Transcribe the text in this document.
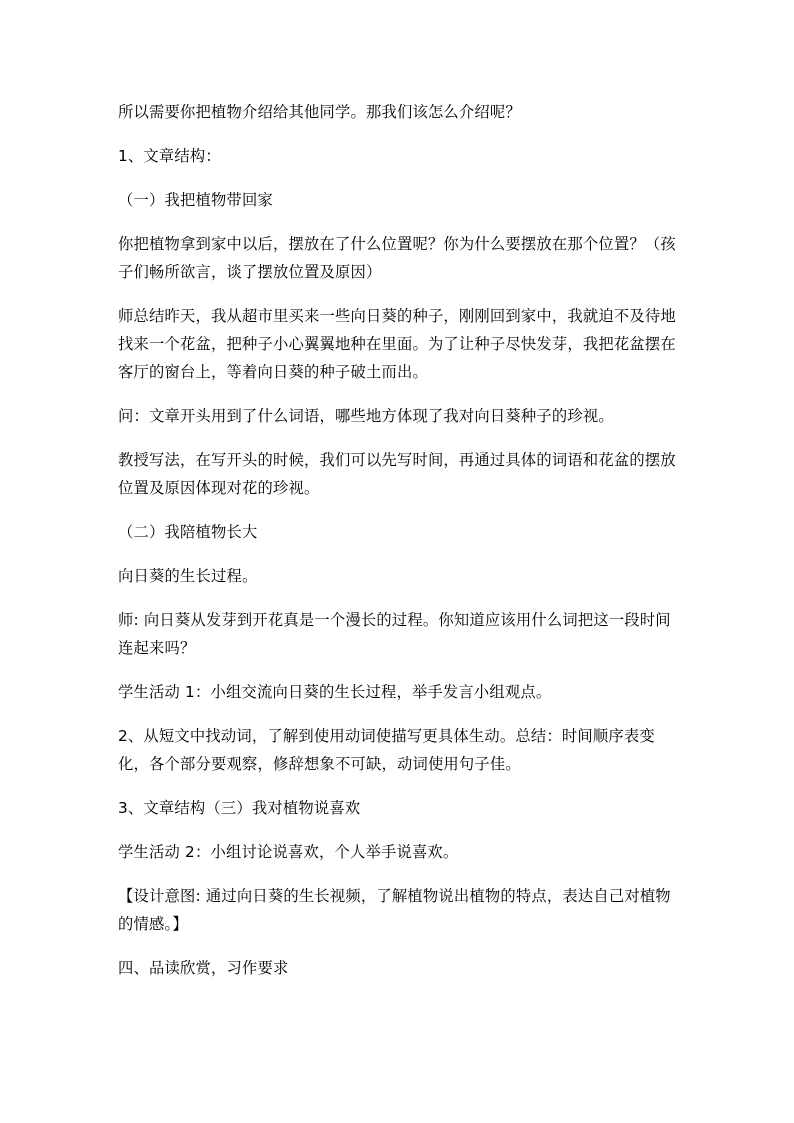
所以需要你把植物介绍给其他同学。那我们该怎么介绍呢？

1、文章结构：

（一）我把植物带回家

你把植物拿到家中以后，摆放在了什么位置呢？你为什么要摆放在那个位置？（孩子们畅所欲言，谈了摆放位置及原因）

师总结昨天，我从超市里买来一些向日葵的种子，刚刚回到家中，我就迫不及待地找来一个花盆，把种子小心翼翼地种在里面。为了让种子尽快发芽，我把花盆摆在客厅的窗台上，等着向日葵的种子破土而出。

问：文章开头用到了什么词语，哪些地方体现了我对向日葵种子的珍视。

教授写法，在写开头的时候，我们可以先写时间，再通过具体的词语和花盆的摆放位置及原因体现对花的珍视。

（二）我陪植物长大

向日葵的生长过程。

师: 向日葵从发芽到开花真是一个漫长的过程。你知道应该用什么词把这一段时间连起来吗？

学生活动 1：小组交流向日葵的生长过程，举手发言小组观点。

2、从短文中找动词，了解到使用动词使描写更具体生动。总结：时间顺序表变化，各个部分要观察，修辞想象不可缺，动词使用句子佳。

3、文章结构（三）我对植物说喜欢

学生活动 2：小组讨论说喜欢，个人举手说喜欢。

【设计意图: 通过向日葵的生长视频，了解植物说出植物的特点，表达自己对植物的情感。】

四、品读欣赏，习作要求
